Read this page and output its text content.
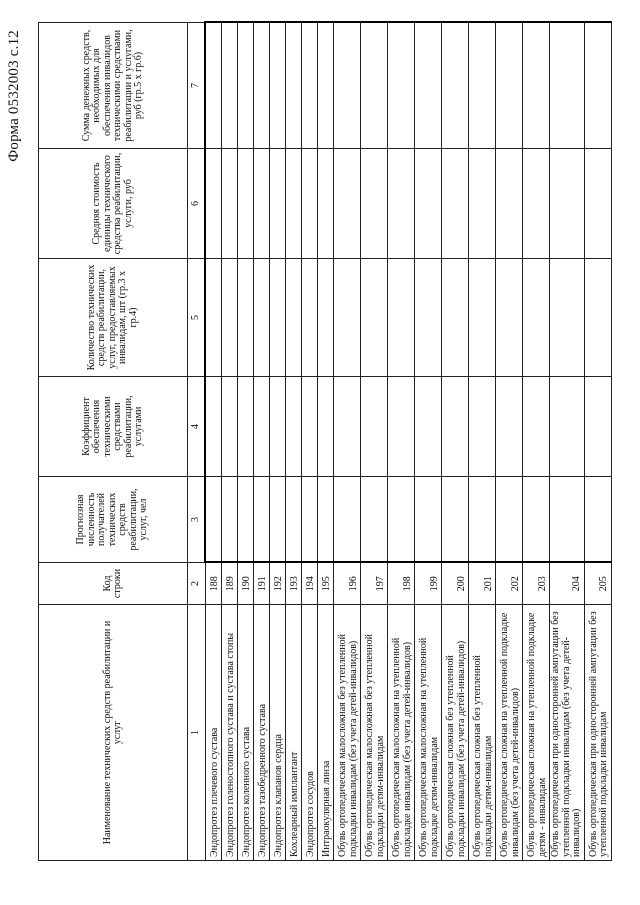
Форма 0532003 с.12
Наименование технических средств реабилитации и услуг	Код строки	Прогнозная численность получателей технических средств реабилитации, услуг, чел	Коэффициент обеспечения техническими средствами реабилитации, услугами	Количество технических средств реабилитации, услуг, предоставляемых инвалидам, шт (гр.3 x гр.4)	Средняя стоимость единицы технического средства реабилитации, услуги, руб	Сумма денежных средств, необходимых для обеспечения инвалидов техническими средствами реабилитации и услугами, руб (гр.5 x гр.6)
1	2	3	4	5	6	7
Эндопротез плечевого сустава	188					
Эндопротез голеностопного сустава и сустава стопы	189					
Эндопротез коленного сустава	190					
Эндопротез тазобедренного сустава	191					
Эндопротез клапанов сердца	192					
Кохлеарный имплантант	193					
Эндопротез сосудов	194					
Интраокулярная линза	195					
Обувь ортопедическая малосложная без утепленной подкладки инвалидам (без учета детей-инвалидов)	196					
Обувь ортопедическая малосложная без утепленной подкладки детям-инвалидам	197					
Обувь ортопедическая малосложная на утепленной подкладке инвалидам (без учета детей-инвалидов)	198					
Обувь ортопедическая малосложная на утепленной подкладке детям-инвалидам	199					
Обувь ортопедическая сложная без утепленной подкладки инвалидам (без учета детей-инвалидов)	200					
Обувь ортопедическая сложная без утепленной подкладки детям-инвалидам	201					
Обувь ортопедическая сложная на утепленной подкладке инвалидам (без учета детей-инвалидов)	202					
Обувь ортопедическая сложная на утепленной подкладке детям - инвалидам	203					
Обувь ортопедическая при односторонней ампутации без утепленной подкладки инвалидам (без учета детей-инвалидов)	204					
Обувь ортопедическая при односторонней ампутации без утепленной подкладки инвалидам	205					
